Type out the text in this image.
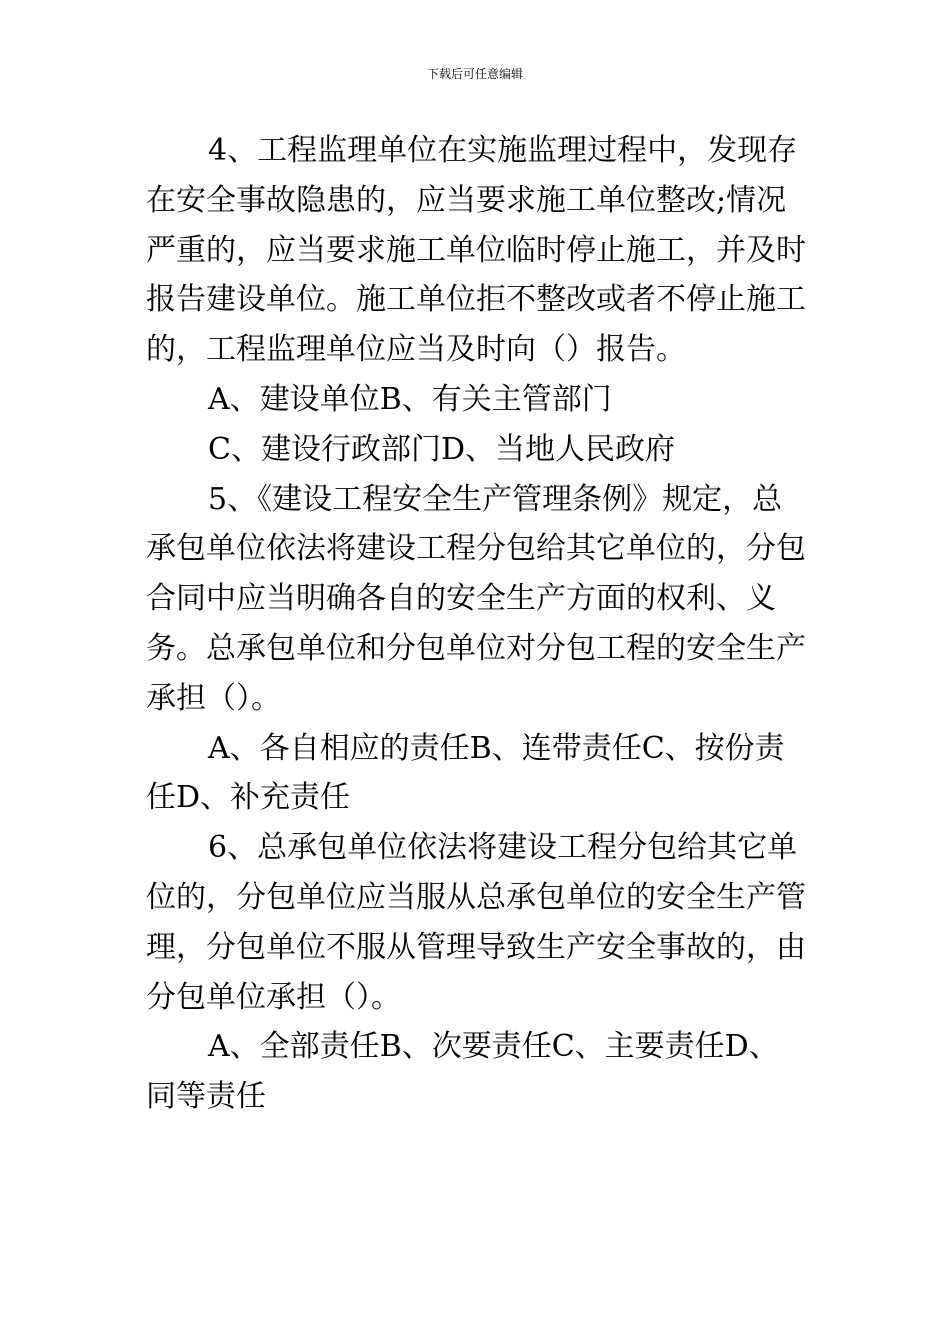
下载后可任意编辑

4、工程监理单位在实施监理过程中，发现存在安全事故隐患的，应当要求施工单位整改;情况严重的，应当要求施工单位临时停止施工，并及时报告建设单位。施工单位拒不整改或者不停止施工的，工程监理单位应当及时向（）报告。

A、建设单位B、有关主管部门

C、建设行政部门D、当地人民政府

5、《建设工程安全生产管理条例》规定，总承包单位依法将建设工程分包给其它单位的，分包合同中应当明确各自的安全生产方面的权利、义务。总承包单位和分包单位对分包工程的安全生产承担（）。

A、各自相应的责任B、连带责任C、按份责任D、补充责任

6、总承包单位依法将建设工程分包给其它单位的，分包单位应当服从总承包单位的安全生产管理，分包单位不服从管理导致生产安全事故的，由分包单位承担（）。

A、全部责任B、次要责任C、主要责任D、同等责任
